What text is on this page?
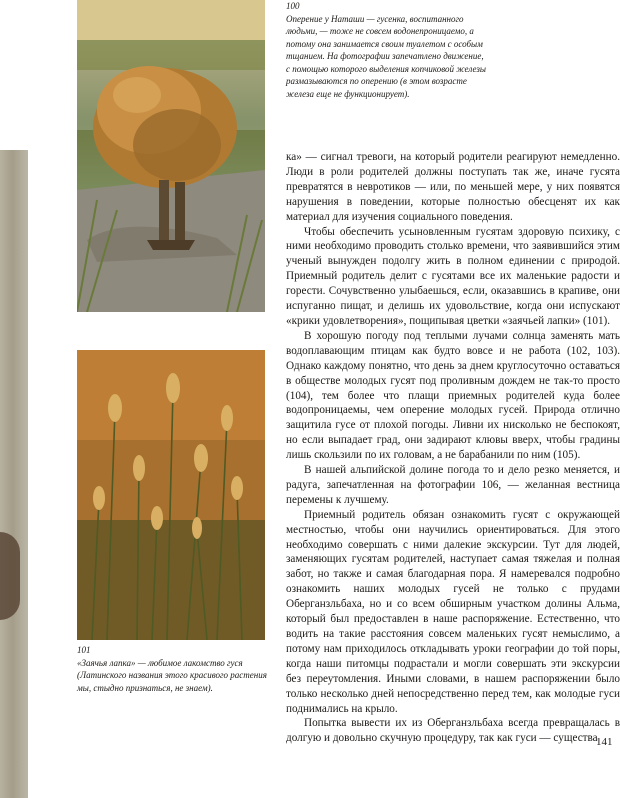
100
Оперение у Наташи — гусенка, воспитанного людьми, — тоже не совсем водонепроницаемо, а потому она занимается своим туалетом с особым тщанием. На фотографии запечатлено движение, с помощью которого выделения копчиковой железы размазываются по оперению (в этом возрасте железа еще не функционирует).
101
«Заячья лапка» — любимое лакомство гуся (Латинского названия этого красивого растения мы, стыдно признаться, не знаем).

ка» — сигнал тревоги, на который родители реагируют немедленно. Люди в роли родителей должны поступать так же, иначе гусята превратятся в невротиков — или, по меньшей мере, у них появятся нарушения в поведении, которые полностью обесценят их как материал для изучения социального поведения.

Чтобы обеспечить усыновленным гусятам здоровую психику, с ними необходимо проводить столько времени, что заявившийся этим ученый вынужден подолгу жить в полном единении с природой. Приемный родитель делит с гусятами все их маленькие радости и горести. Сочувственно улыбаешься, если, оказавшись в крапиве, они испуганно пищат, и делишь их удовольствие, когда они испускают «крики удовлетворения», пощипывая цветки «заячьей лапки» (101).

В хорошую погоду под теплыми лучами солнца заменять мать водоплавающим птицам как будто вовсе и не работа (102, 103). Однако каждому понятно, что день за днем круглосуточно оставаться в обществе молодых гусят под проливным дождем не так-то просто (104), тем более что плащи приемных родителей куда более водопроницаемы, чем оперение молодых гусей. Природа отлично защитила гусе от плохой погоды. Ливни их нисколько не беспокоят, но если выпадает град, они задирают клювы вверх, чтобы градины лишь скользили по их головам, а не барабанили по ним (105).

В нашей альпийской долине погода то и дело резко меняется, и радуга, запечатленная на фотографии 106, — желанная вестница перемены к лучшему.

Приемный родитель обязан ознакомить гусят с окружающей местностью, чтобы они научились ориентироваться. Для этого необходимо совершать с ними далекие экскурсии. Тут для людей, заменяющих гусятам родителей, наступает самая тяжелая и полная забот, но также и самая благодарная пора. Я намеревался подробно ознакомить наших молодых гусей не только с прудами Оберганзльбаха, но и со всем обширным участком долины Альма, который был предоставлен в наше распоряжение. Естественно, что водить на такие расстояния совсем маленьких гусят немыслимо, а потому нам приходилось откладывать уроки географии до той поры, когда наши питомцы подрастали и могли совершать эти экскурсии без переутомления. Иными словами, в нашем распоряжении было только несколько дней непосредственно перед тем, как молодые гуси поднимались на крыло.

Попытка вывести их из Оберганзльбаха всегда превращалась в долгую и довольно скучную процедуру, так как гуси — существа

141
